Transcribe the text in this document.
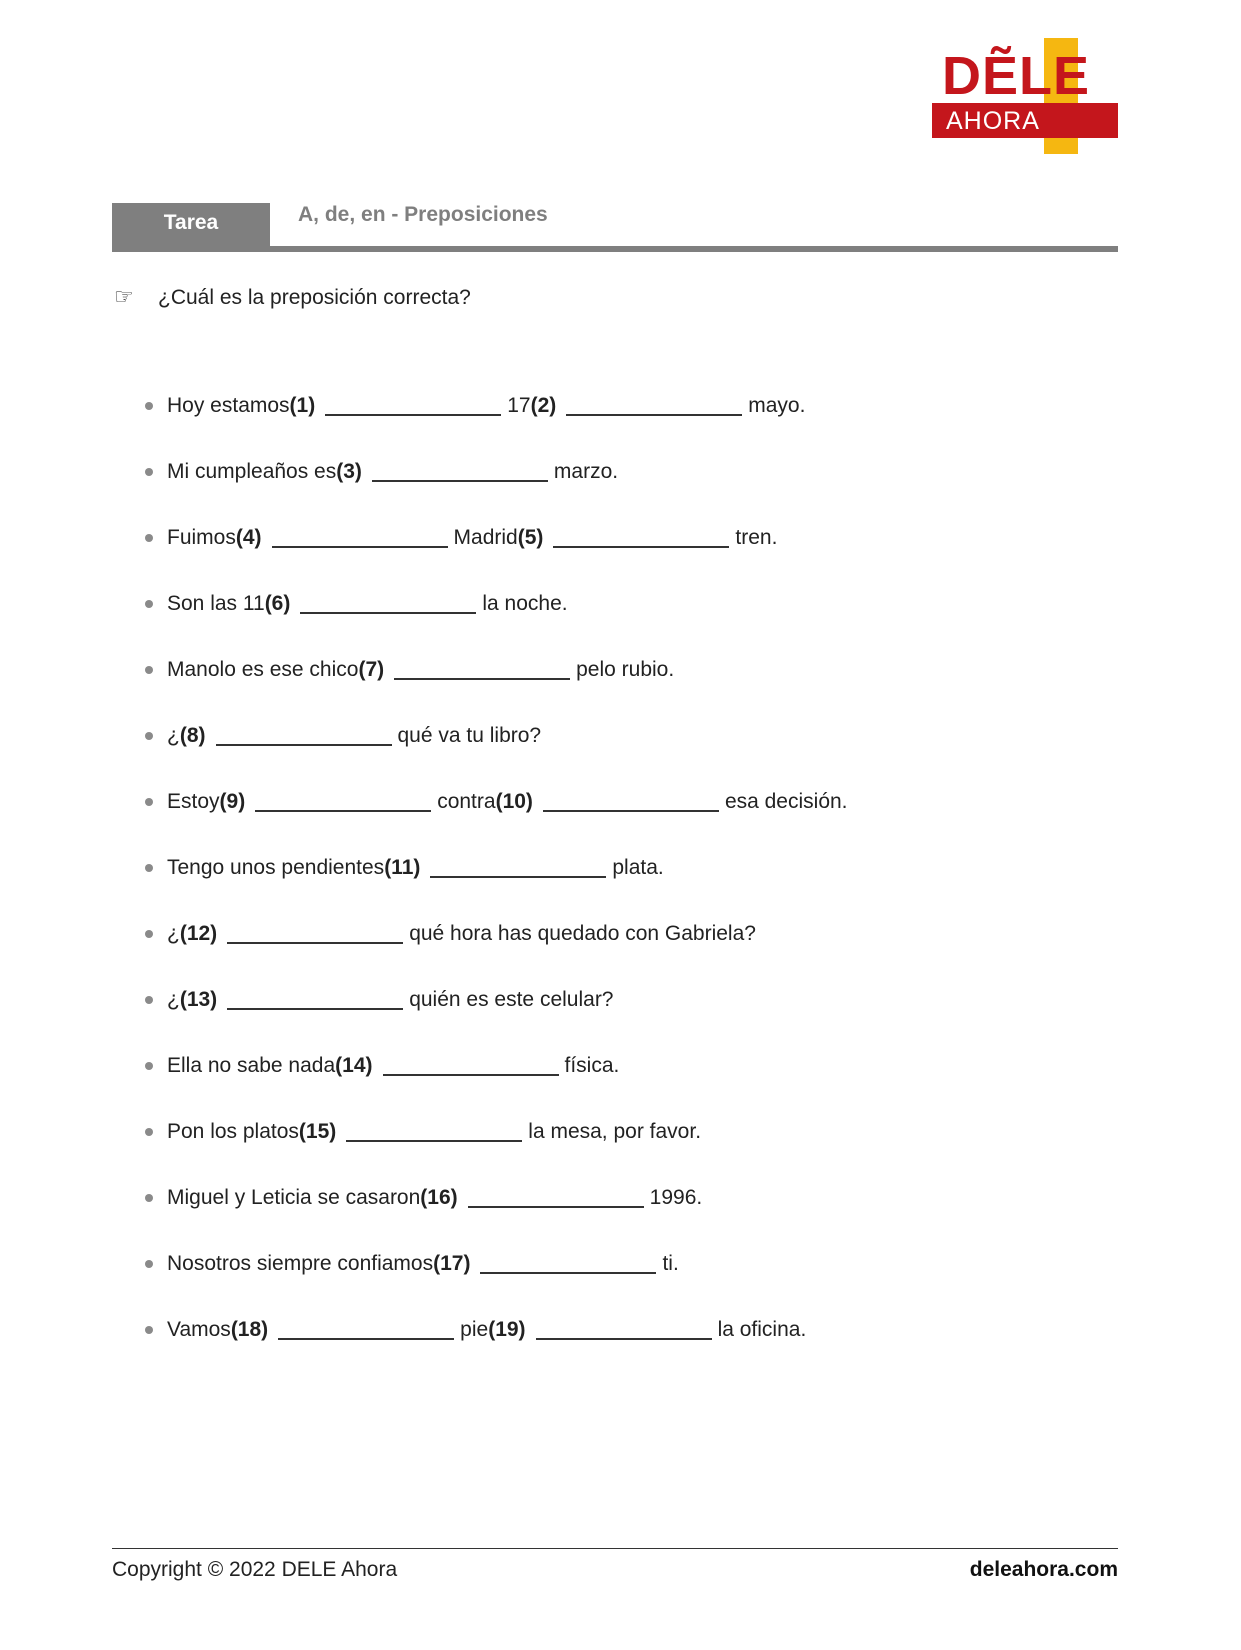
DẼLE
AHORA
Tarea	A, de, en - Preposiciones
☞ ¿Cuál es la preposición correcta?
Hoy estamos (1)	17 (2)	mayo.
Mi cumpleaños es (3)	marzo.
Fuimos (4)	Madrid (5)	tren.
Son las 11 (6)	la noche.
Manolo es ese chico (7)	pelo rubio.
¿ (8)	qué va tu libro?
Estoy (9)	contra (10)	esa decisión.
Tengo unos pendientes (11)	plata.
¿ (12)	qué hora has quedado con Gabriela?
¿ (13)	quién es este celular?
Ella no sabe nada (14)	física.
Pon los platos (15)	la mesa, por favor.
Miguel y Leticia se casaron (16)	1996.
Nosotros siempre confiamos (17)	ti.
Vamos (18)	pie (19)	la oficina.
Copyright © 2022 DELE Ahora	deleahora.com
